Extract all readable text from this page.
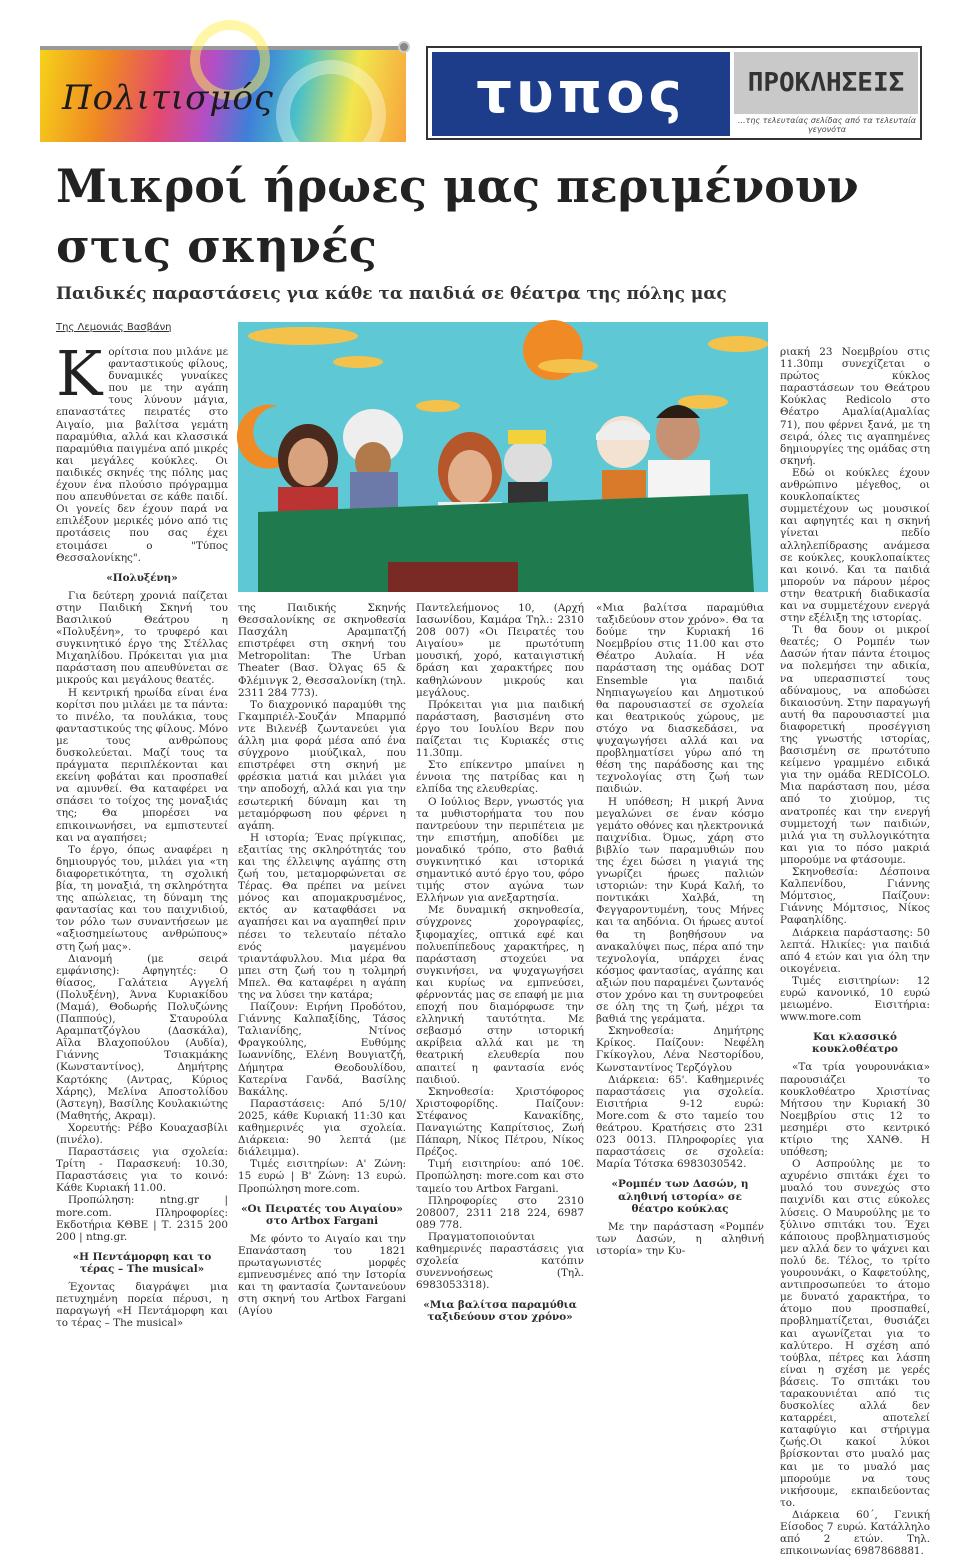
Πολιτισμός	τυπος	ΠΡΟΚΛΗΣΕΙΣ
...της τελευταίας σελίδας από τα τελευταία γεγονότα
Μικροί ήρωες μας περιμένουν στις σκηνές
Παιδικές παραστάσεις για κάθε τα παιδιά σε θέατρα της πόλης μας
Της Λεμονιάς Βασβάνη

Κορίτσια που μιλάνε με φανταστικούς φίλους, δυναμικές γυναίκες που με την αγάπη τους λύνουν μάγια, επαναστάτες πειρατές στο Αιγαίο, μια βαλίτσα γεμάτη παραμύθια, αλλά και κλασσικά παραμύθια παιγμένα από μικρές και μεγάλες κούκλες. Οι παιδικές σκηνές της πόλης μας έχουν ένα πλούσιο πρόγραμμα που απευθύνεται σε κάθε παιδί. Οι γονείς δεν έχουν παρά να επιλέξουν μερικές μόνο από τις προτάσεις που σας έχει ετοιμάσει ο "Τύπος Θεσσαλονίκης".

«Πολυξένη»

Για δεύτερη χρονιά παίζεται στην Παιδική Σκηνή του Βασιλικού Θεάτρου η «Πολυξένη», το τρυφερό και συγκινητικό έργο της Στέλλας Μιχαηλίδου. Πρόκειται για μια παράσταση που απευθύνεται σε μικρούς και μεγάλους θεατές.

Η κεντρική ηρωίδα είναι ένα κορίτσι που μιλάει με τα πάντα: το πινέλο, τα πουλάκια, τους φανταστικούς της φίλους. Μόνο με τους ανθρώπους δυσκολεύεται. Μαζί τους τα πράγματα περιπλέκονται και εκείνη φοβάται και προσπαθεί να αμυνθεί. Θα καταφέρει να σπάσει το τοίχος της μοναξιάς της; Θα μπορέσει να επικοινωνήσει, να εμπιστευτεί και να αγαπήσει;

Το έργο, όπως αναφέρει η δημιουργός του, μιλάει για «τη διαφορετικότητα, τη σχολική βία, τη μοναξιά, τη σκληρότητα της απώλειας, τη δύναμη της φαντασίας και του παιχνιδιού, τον ρόλο των συναντήσεων με «αξιοσημείωτους ανθρώπους» στη ζωή μας».

Διανομή (με σειρά εμφάνισης): Αφηγητές: Ο θίασος, Γαλάτεια Αγγελή (Πολυξένη), Άννα Κυριακίδου (Μαμά), Θοδωρής Πολυζώνης (Παππούς), Σταυρούλα Αραμπατζόγλου (Δασκάλα), Αΐλα Βλαχοπούλου (Αυδία), Γιάννης Τσιακμάκης (Κωνσταντίνος), Δημήτρης Καρτόκης (Αντρας, Κύριος Χάρης), Μελίνα Αποστολίδου (Άστεγη), Βασίλης Κουλακιώτης (Μαθητής, Ακραμ).

Χορευτής: Ρέβο Κουαχασβίλι (πινέλο).

Παραστάσεις για σχολεία: Τρίτη - Παρασκευή: 10.30, Παραστάσεις για το κοινό: Κάθε Κυριακή 11.00.

Προπώληση: ntng.gr | more.com. Πληροφορίες: Εκδοτήρια ΚΘΒΕ | Τ. 2315 200 200 | ntng.gr.

«Η Πεντάμορφη και το τέρας – The musical»

Έχοντας διαγράψει μια πετυχημένη πορεία πέρυσι, η παραγωγή «Η Πεντάμορφη και το τέρας – The musical»

της Παιδικής Σκηνής Θεσσαλονίκης σε σκηνοθεσία Πασχάλη Αραμπατζή επιστρέφει στη σκηνή του Metropolitan: The Urban Theater (Βασ. Όλγας 65 & Φλέμινγκ 2, Θεσσαλονίκη (τηλ. 2311 284 773).

Το διαχρονικό παραμύθι της Γκαμπριέλ-Σουζάν Μπαρμπό ντε Βιλενέβ ζωντανεύει για άλλη μια φορά μέσα από ένα σύγχρονο μιούζικαλ, που επιστρέφει στη σκηνή με φρέσκια ματιά και μιλάει για την αποδοχή, αλλά και για την εσωτερική δύναμη και τη μεταμόρφωση που φέρνει η αγάπη.

Η ιστορία; Ένας πρίγκιπας, εξαιτίας της σκληρότητάς του και της έλλειψης αγάπης στη ζωή του, μεταμορφώνεται σε Τέρας. Θα πρέπει να μείνει μόνος και απομακρυσμένος, εκτός αν καταφθάσει να αγαπήσει και να αγαπηθεί πριν πέσει το τελευταίο πέταλο ενός μαγεμένου τριαντάφυλλου. Μια μέρα θα μπει στη ζωή του η τολμηρή Μπελ. Θα καταφέρει η αγάπη της να λύσει την κατάρα;

Παίζουν: Ειρήνη Προδότου, Γιάννης Καλπαξίδης, Τάσος Ταλιανίδης, Ντίνος Φραγκούλης, Ευθύμης Ιωαννίδης, Ελένη Βουγιατζή, Δήμητρα Θεοδουλίδου, Κατερίνα Γανδά, Βασίλης Βακάλης.

Παραστάσεις: Από 5/10/ 2025, κάθε Κυριακή 11:30 και καθημερινές για σχολεία. Διάρκεια: 90 λεπτά (με διάλειμμα).

Τιμές εισιτηρίων: Α' Ζώνη: 15 ευρώ | Β' Ζώνη: 13 ευρώ. Προπώληση more.com.

«Οι Πειρατές του Αιγαίου» στο Artbox Fargani

Με φόντο το Αιγαίο και την Επανάσταση του 1821 πρωταγωνιστές μορφές εμπνευσμένες από την Ιστορία και τη φαντασία ζωντανεύουν στη σκηνή του Artbox Fargani (Αγίου

Παντελεήμονος 10, (Αρχή Ιασωνίδου, Καμάρα Τηλ.: 2310 208 007) «Οι Πειρατές του Αιγαίου» με πρωτότυπη μουσική, χορό, καταιγιστική δράση και χαρακτήρες που καθηλώνουν μικρούς και μεγάλους.

Πρόκειται για μια παιδική παράσταση, βασισμένη στο έργο του Ιουλίου Βερν που παίζεται τις Κυριακές στις 11.30πμ.

Στο επίκεντρο μπαίνει η έννοια της πατρίδας και η ελπίδα της ελευθερίας.

Ο Ιούλιος Βερν, γνωστός για τα μυθιστορήματα του που παντρεύουν την περιπέτεια με την επιστήμη, αποδίδει με μοναδικό τρόπο, στο βαθιά συγκινητικό και ιστορικά σημαντικό αυτό έργο του, φόρο τιμής στον αγώνα των Ελλήνων για ανεξαρτησία.

Με δυναμική σκηνοθεσία, σύγχρονες χορογραφίες, ξιφομαχίες, οπτικά εφέ και πολυεπίπεδους χαρακτήρες, η παράσταση στοχεύει να συγκινήσει, να ψυχαγωγήσει και κυρίως να εμπνεύσει, φέρνοντάς μας σε επαφή με μια εποχή που διαμόρφωσε την ελληνική ταυτότητα. Με σεβασμό στην ιστορική ακρίβεια αλλά και με τη θεατρική ελευθερία που απαιτεί η φαντασία ενός παιδιού.

Σκηνοθεσία: Χριστόφορος Χριστοφορίδης. Παίζουν: Στέφανος Κανακίδης, Παναγιώτης Καπρίτσιος, Ζωή Πάπαρη, Νίκος Πέτρου, Νίκος Πρέζος.

Τιμή εισιτηρίου: από 10€. Προπώληση: more.com και στο ταμείο του Artbox Fargani.

Πληροφορίες στο 2310 208007, 2311 218 224, 6987 089 778.

Πραγματοποιούνται καθημερινές παραστάσεις για σχολεία κατόπιν συνεννοήσεως (Τηλ. 6983053318).

«Μια βαλίτσα παραμύθια ταξιδεύουν στον χρόνο»

«Μια βαλίτσα παραμύθια ταξιδεύουν στον χρόνο». Θα τα δούμε την Κυριακή 16 Νοεμβρίου στις 11.00 και στο Θέατρο Αυλαία. Η νέα παράσταση της ομάδας DOT Ensemble για παιδιά Νηπιαγωγείου και Δημοτικού θα παρουσιαστεί σε σχολεία και θεατρικούς χώρους, με στόχο να διασκεδάσει, να ψυχαγωγήσει αλλά και να προβληματίσει γύρω από τη θέση της παράδοσης και της τεχνολογίας στη ζωή των παιδιών.

Η υπόθεση; Η μικρή Άννα μεγαλώνει σε έναν κόσμο γεμάτο οθόνες και ηλεκτρονικά παιχνίδια. Όμως, χάρη στο βιβλίο των παραμυθιών που της έχει δώσει η γιαγιά της γνωρίζει ήρωες παλιών ιστοριών: την Κυρά Καλή, το ποντικάκι Χαλβά, τη Φεγγαροντυμένη, τους Μήνες και τα αηδόνια. Οι ήρωες αυτοί θα τη βοηθήσουν να ανακαλύψει πως, πέρα από την τεχνολογία, υπάρχει ένας κόσμος φαντασίας, αγάπης και αξιών που παραμένει ζωντανός στον χρόνο και τη συντροφεύει σε όλη της τη ζωή, μέχρι τα βαθιά της γεράματα.

Σκηνοθεσία: Δημήτρης Κρίκος. Παίζουν: Νεφέλη Γκίκογλου, Λένα Νεστορίδου, Κωνσταντίνος Τερζόγλου

Διάρκεια: 65'. Καθημερινές παραστάσεις για σχολεία. Εισιτήρια 9-12 ευρώ: More.com & στο ταμείο του θεάτρου. Κρατήσεις στο 231 023 0013. Πληροφορίες για παραστάσεις σε σχολεία: Μαρία Τότσκα 6983030542.

«Ρομπέν των Δασών, η αληθινή ιστορία» σε θέατρο κούκλας

Με την παράσταση «Ρομπέν των Δασών, η αληθινή ιστορία» την Κυ-

ριακή 23 Νοεμβρίου στις 11.30πμ συνεχίζεται ο πρώτος κύκλος παραστάσεων του Θεάτρου Κούκλας Redicolo στο Θέατρο Αμαλία(Αμαλίας 71), που φέρνει ξανά, με τη σειρά, όλες τις αγαπημένες δημιουργίες της ομάδας στη σκηνή.

Εδώ οι κούκλες έχουν ανθρώπινο μέγεθος, οι κουκλοπαίκτες συμμετέχουν ως μουσικοί και αφηγητές και η σκηνή γίνεται πεδίο αλληλεπίδρασης ανάμεσα σε κούκλες, κουκλοπαίκτες και κοινό. Και τα παιδιά μπορούν να πάρουν μέρος στην θεατρική διαδικασία και να συμμετέχουν ενεργά στην εξέλιξη της ιστορίας.

Τι θα δουν οι μικροί θεατές; Ο Ρομπέν των Δασών ήταν πάντα έτοιμος να πολεμήσει την αδικία, να υπερασπιστεί τους αδύναμους, να αποδώσει δικαιοσύνη. Στην παραγωγή αυτή θα παρουσιαστεί μια διαφορετική προσέγγιση της γνωστής ιστορίας, βασισμένη σε πρωτότυπο κείμενο γραμμένο ειδικά για την ομάδα REDICOLO. Μια παράσταση που, μέσα από το χιούμορ, τις ανατροπές και την ενεργή συμμετοχή των παιδιών, μιλά για τη συλλογικότητα και για το πόσο μακριά μπορούμε να φτάσουμε.

Σκηνοθεσία: Δέσποινα Καλπενίδου, Γιάννης Μόμτσιος, Παίζουν: Γιάννης Μόμτσιος, Νίκος Ραφαηλίδης.

Διάρκεια παράστασης: 50 λεπτά. Ηλικίες: για παιδιά από 4 ετών και για όλη την οικογένεια.

Τιμές εισιτηρίων: 12 ευρώ κανονικό, 10 ευρώ μειωμένο. Εισιτήρια: www.more.com

Και κλασσικό κουκλοθέατρο

«Τα τρία γουρουνάκια» παρουσιάζει το κουκλοθέατρο Χριστίνας Μήτσου την Κυριακή 30 Νοεμβρίου στις 12 το μεσημέρι στο κεντρικό κτίριο της ΧΑΝΘ. Η υπόθεση;

Ο Ασπρούλης με το αχυρένιο σπιτάκι έχει το μυαλό του συνεχώς στο παιχνίδι και στις εύκολες λύσεις. Ο Μαυρούλης με το ξύλινο σπιτάκι του. Έχει κάποιους προβληματισμούς μεν αλλά δεν το ψάχνει και πολύ δε. Τέλος, το τρίτο γουρουνάκι, ο Καφετούλης, αντιπροσωπεύει το άτομο με δυνατό χαρακτήρα, το άτομο που προσπαθεί, προβληματίζεται, θυσιάζει και αγωνίζεται για το καλύτερο. Η σχέση από τούβλα, πέτρες και λάσπη είναι η σχέση με γερές βάσεις. Το σπιτάκι του ταρακουνιέται από τις δυσκολίες αλλά δεν καταρρέει, αποτελεί καταφύγιο και στήριγμα ζωής.Οι κακοί λύκοι βρίσκονται στο μυαλό μας και με το μυαλό μας μπορούμε να τους νικήσουμε, εκπαιδεύοντας το.

Διάρκεια 60΄, Γενική Είσοδος 7 ευρώ. Κατάλληλο από 2 ετών. Τηλ. επικοινωνίας 6987868881.
